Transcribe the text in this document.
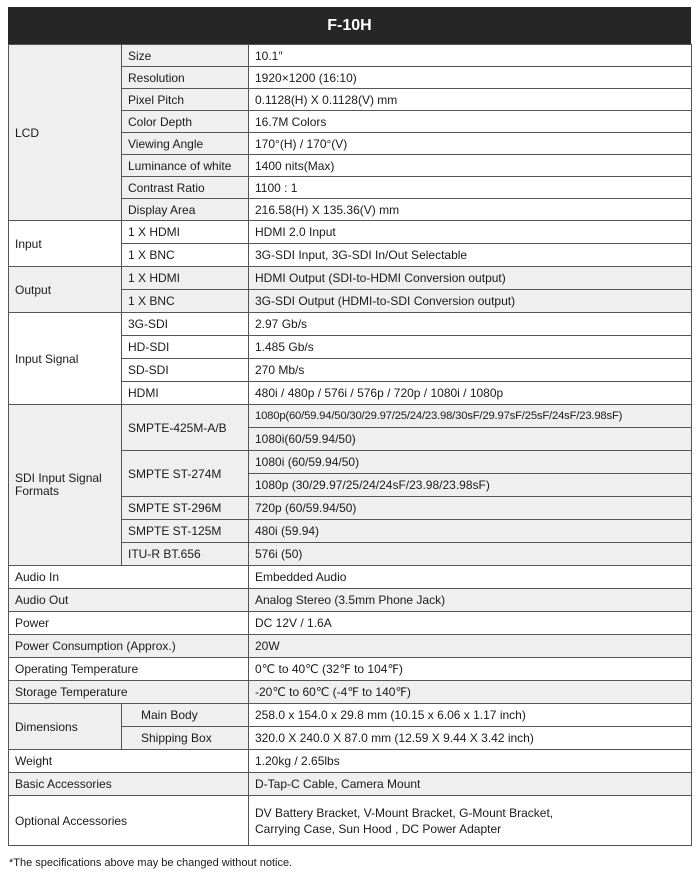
F-10H
LCD	Size	10.1″
	Resolution	1920×1200 (16:10)
	Pixel Pitch	0.1128(H) X 0.1128(V) mm
	Color Depth	16.7M Colors
	Viewing Angle	170°(H) / 170°(V)
	Luminance of white	1400 nits(Max)
	Contrast Ratio	1100 : 1
	Display Area	216.58(H) X 135.36(V) mm
Input	1 X HDMI	HDMI 2.0 Input
	1 X BNC	3G-SDI Input, 3G-SDI In/Out Selectable
Output	1 X HDMI	HDMI Output (SDI-to-HDMI Conversion output)
	1 X BNC	3G-SDI Output (HDMI-to-SDI Conversion output)
Input Signal	3G-SDI	2.97 Gb/s
	HD-SDI	1.485 Gb/s
	SD-SDI	270 Mb/s
	HDMI	480i / 480p / 576i / 576p / 720p / 1080i / 1080p

SDI Input Signal Formats	SMPTE-425M-A/B	1080p(60/59.94/50/30/29.97/25/24/23.98/30sF/29.97sF/25sF/24sF/23.98sF)
		1080i(60/59.94/50)
	SMPTE ST-274M	1080i (60/59.94/50)
		1080p (30/29.97/25/24/24sF/23.98/23.98sF)
	SMPTE ST-296M	720p (60/59.94/50)
	SMPTE ST-125M	480i (59.94)
	ITU-R BT.656	576i (50)
Audio In		Embedded Audio
Audio Out		Analog Stereo (3.5mm Phone Jack)
Power		DC 12V / 1.6A
Power Consumption (Approx.)		20W
Operating Temperature		0℃ to 40℃ (32℉ to 104℉)
Storage Temperature		-20℃ to 60℃ (-4℉ to 140℉)
Dimensions	Main Body	258.0 x 154.0 x 29.8 mm (10.15 x 6.06 x 1.17 inch)
	Shipping Box	320.0 X 240.0 X 87.0 mm (12.59 X 9.44 X 3.42 inch)
Weight		1.20kg / 2.65lbs
Basic Accessories		D-Tap-C Cable, Camera Mount
Optional Accessories		DV Battery Bracket, V-Mount Bracket, G-Mount Bracket,
Carrying Case, Sun Hood , DC Power Adapter
*The specifications above may be changed without notice.
